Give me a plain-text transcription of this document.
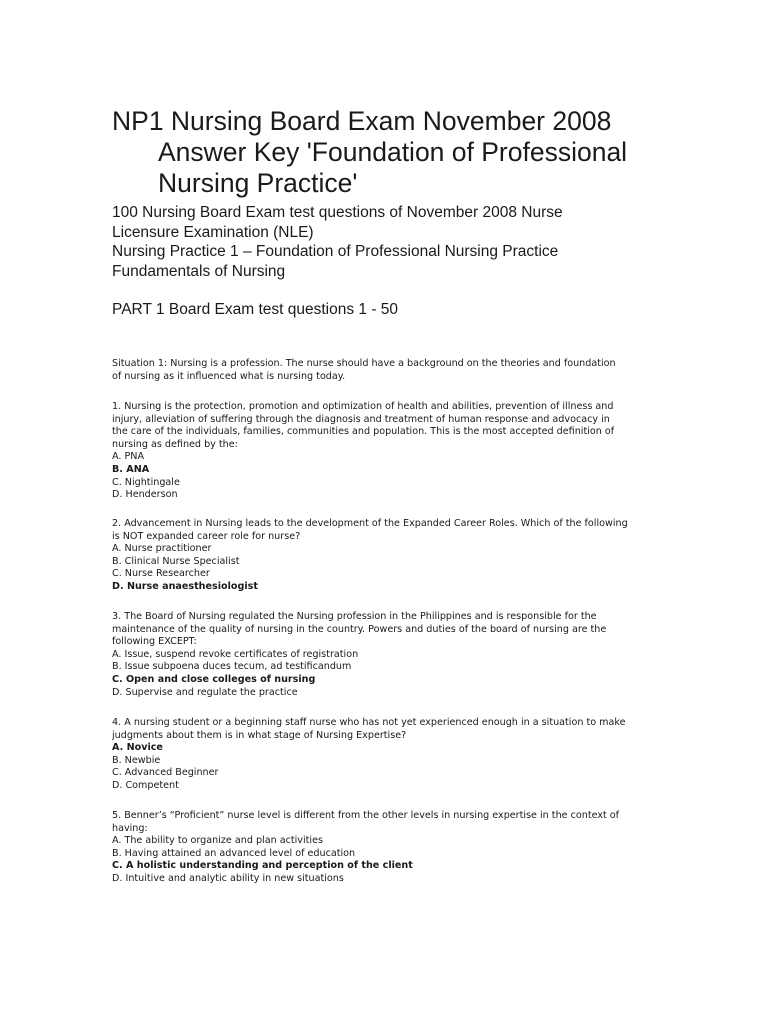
NP1 Nursing Board Exam November 2008
Answer Key 'Foundation of Professional
Nursing Practice'
100 Nursing Board Exam test questions of November 2008 Nurse
Licensure Examination (NLE)
Nursing Practice 1 – Foundation of Professional Nursing Practice
Fundamentals of Nursing
PART 1 Board Exam test questions 1 - 50
Situation 1: Nursing is a profession. The nurse should have a background on the theories and foundation
of nursing as it influenced what is nursing today.
1. Nursing is the protection, promotion and optimization of health and abilities, prevention of illness and
injury, alleviation of suffering through the diagnosis and treatment of human response and advocacy in
the care of the individuals, families, communities and population. This is the most accepted definition of
nursing as defined by the:
A. PNA
B. ANA
C. Nightingale
D. Henderson
2. Advancement in Nursing leads to the development of the Expanded Career Roles. Which of the following
is NOT expanded career role for nurse?
A. Nurse practitioner
B. Clinical Nurse Specialist
C. Nurse Researcher
D. Nurse anaesthesiologist
3. The Board of Nursing regulated the Nursing profession in the Philippines and is responsible for the
maintenance of the quality of nursing in the country. Powers and duties of the board of nursing are the
following EXCEPT:
A. Issue, suspend revoke certificates of registration
B. Issue subpoena duces tecum, ad testificandum
C. Open and close colleges of nursing
D. Supervise and regulate the practice
4. A nursing student or a beginning staff nurse who has not yet experienced enough in a situation to make
judgments about them is in what stage of Nursing Expertise?
A. Novice
B. Newbie
C. Advanced Beginner
D. Competent
5. Benner’s “Proficient” nurse level is different from the other levels in nursing expertise in the context of
having:
A. The ability to organize and plan activities
B. Having attained an advanced level of education
C. A holistic understanding and perception of the client
D. Intuitive and analytic ability in new situations
